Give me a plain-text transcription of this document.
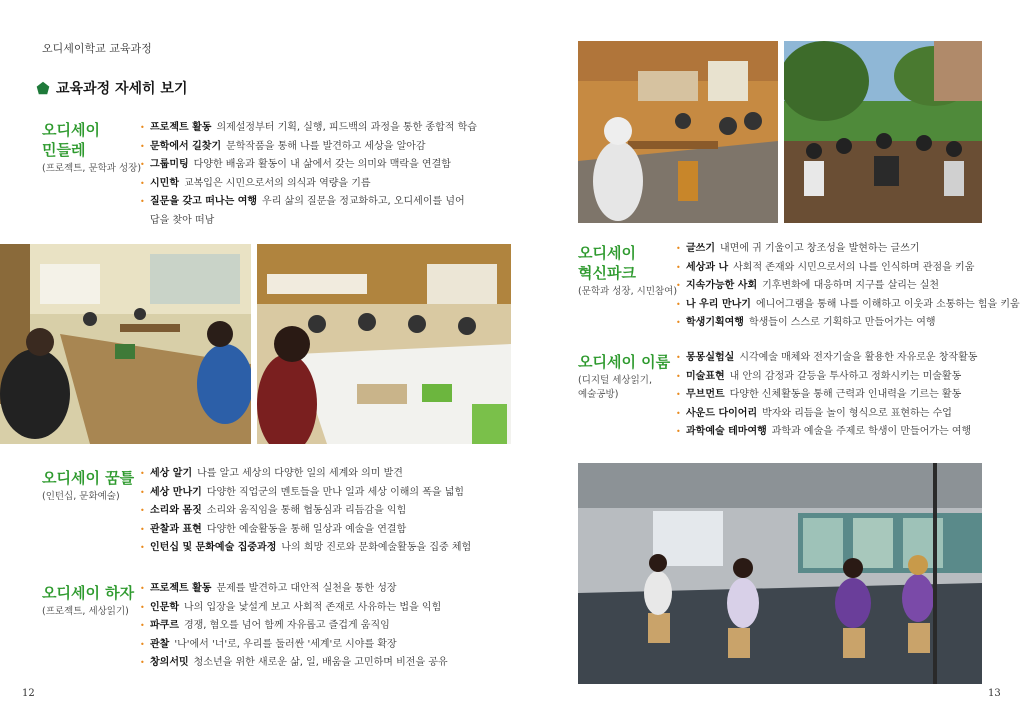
오디세이학교 교육과정
교육과정 자세히 보기
오디세이
민들레
(프로젝트, 문학과 성장)
• 프로젝트 활동 의제설정부터 기획, 실행, 피드백의 과정을 통한 종합적 학습
• 문학에서 길찾기 문학작품을 통해 나를 발견하고 세상을 알아감
• 그룹미팅 다양한 배움과 활동이 내 삶에서 갖는 의미와 맥락을 연결함
• 시민학 교복입은 시민으로서의 의식과 역량을 기름
• 질문을 갖고 떠나는 여행 우리 삶의 질문을 정교화하고, 오디세이를 넘어
답을 찾아 떠남
오디세이 꿈틀
(인턴십, 문화예술)
• 세상 알기 나를 알고 세상의 다양한 일의 세계와 의미 발견
• 세상 만나기 다양한 직업군의 멘토들을 만나 일과 세상 이해의 폭을 넓힘
• 소리와 몸짓 소리와 움직임을 통해 협동심과 리듬감을 익힘
• 관찰과 표현 다양한 예술활동을 통해 일상과 예술을 연결함
• 인턴십 및 문화예술 집중과정 나의 희망 진로와 문화예술활동을 집중 체험
오디세이 하자
(프로젝트, 세상읽기)
• 프로젝트 활동 문제를 발견하고 대안적 실천을 통한 성장
• 인문학 나의 입장을 낯설게 보고 사회적 존재로 사유하는 법을 익힘
• 파쿠르 경쟁, 혐오를 넘어 함께 자유롭고 즐겁게 움직임
• 관찰 '나'에서 '너'로, 우리를 둘러싼 '세계'로 시야를 확장
• 창의서밋 청소년을 위한 새로운 삶, 일, 배움을 고민하며 비전을 공유
12
오디세이
혁신파크
(문학과 성장, 시민참여)
• 글쓰기 내면에 귀 기울이고 창조성을 발현하는 글쓰기
• 세상과 나 사회적 존재와 시민으로서의 나를 인식하며 관점을 키움
• 지속가능한 사회 기후변화에 대응하며 지구를 살리는 실천
• 나 우리 만나기 에니어그램을 통해 나를 이해하고 이웃과 소통하는 힘을 키움
• 학생기획여행 학생들이 스스로 기획하고 만들어가는 여행
오디세이 이룸
(디지털 세상읽기,
예술공방)
• 몽몽실험실 시각예술 매체와 전자기술을 활용한 자유로운 창작활동
• 미술표현 내 안의 감정과 갈등을 투사하고 정화시키는 미술활동
• 무브먼트 다양한 신체활동을 통해 근력과 인내력을 기르는 활동
• 사운드 다이어리 박자와 리듬을 놀이 형식으로 표현하는 수업
• 과학예술 테마여행 과학과 예술을 주제로 학생이 만들어가는 여행
13
